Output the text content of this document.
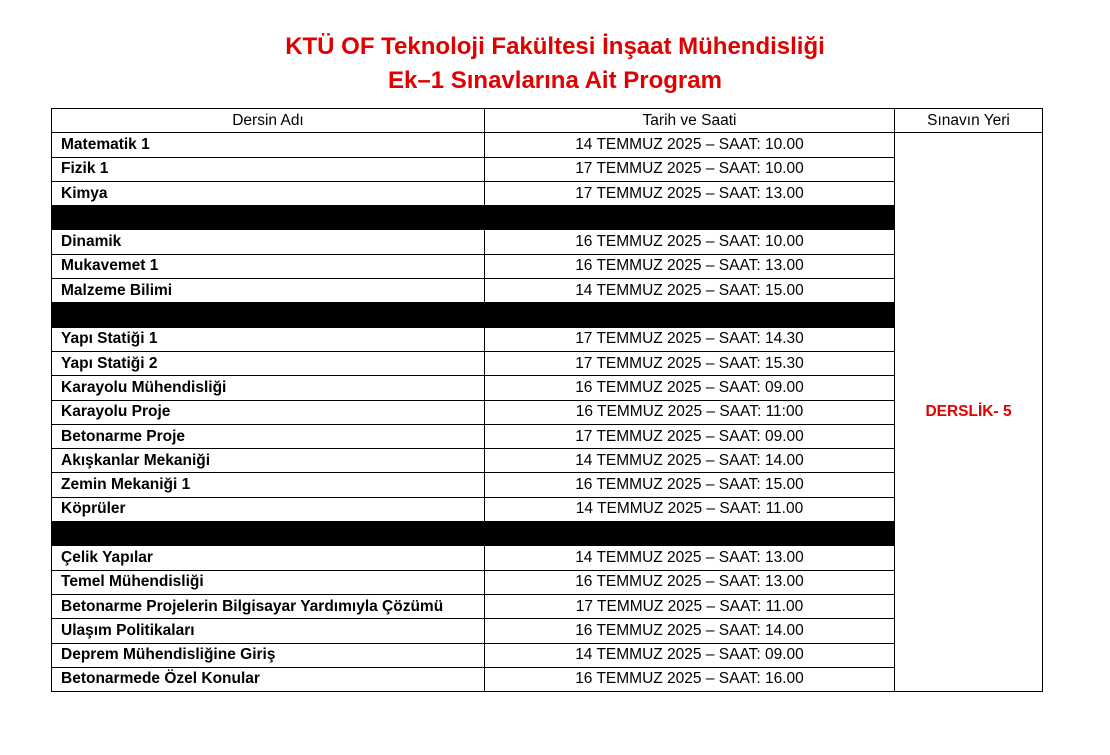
KTÜ OF Teknoloji Fakültesi İnşaat Mühendisliği
Ek–1 Sınavlarına Ait Program
Dersin Adı	Tarih ve Saati	Sınavın Yeri
Matematik 1	14 TEMMUZ 2025 – SAAT: 10.00	DERSLİK- 5
Fizik 1	17 TEMMUZ 2025 – SAAT: 10.00	
Kimya	17 TEMMUZ 2025 – SAAT: 13.00	

Dinamik	16 TEMMUZ 2025 – SAAT: 10.00	
Mukavemet 1	16 TEMMUZ 2025 – SAAT: 13.00	
Malzeme Bilimi	14 TEMMUZ 2025 – SAAT: 15.00	

Yapı Statiği 1	17 TEMMUZ 2025 – SAAT: 14.30	
Yapı Statiği 2	17 TEMMUZ 2025 – SAAT: 15.30	
Karayolu Mühendisliği	16 TEMMUZ 2025 – SAAT: 09.00	
Karayolu Proje	16 TEMMUZ 2025 – SAAT: 11:00	
Betonarme Proje	17 TEMMUZ 2025 – SAAT: 09.00	
Akışkanlar Mekaniği	14 TEMMUZ 2025 – SAAT: 14.00	
Zemin Mekaniği 1	16 TEMMUZ 2025 – SAAT: 15.00	
Köprüler	14 TEMMUZ 2025 – SAAT: 11.00	

Çelik Yapılar	14 TEMMUZ 2025 – SAAT: 13.00	
Temel Mühendisliği	16 TEMMUZ 2025 – SAAT: 13.00	
Betonarme Projelerin Bilgisayar Yardımıyla Çözümü	17 TEMMUZ 2025 – SAAT: 11.00	
Ulaşım Politikaları	16 TEMMUZ 2025 – SAAT: 14.00	
Deprem Mühendisliğine Giriş	14 TEMMUZ 2025 – SAAT: 09.00	
Betonarmede Özel Konular	16 TEMMUZ 2025 – SAAT: 16.00	
